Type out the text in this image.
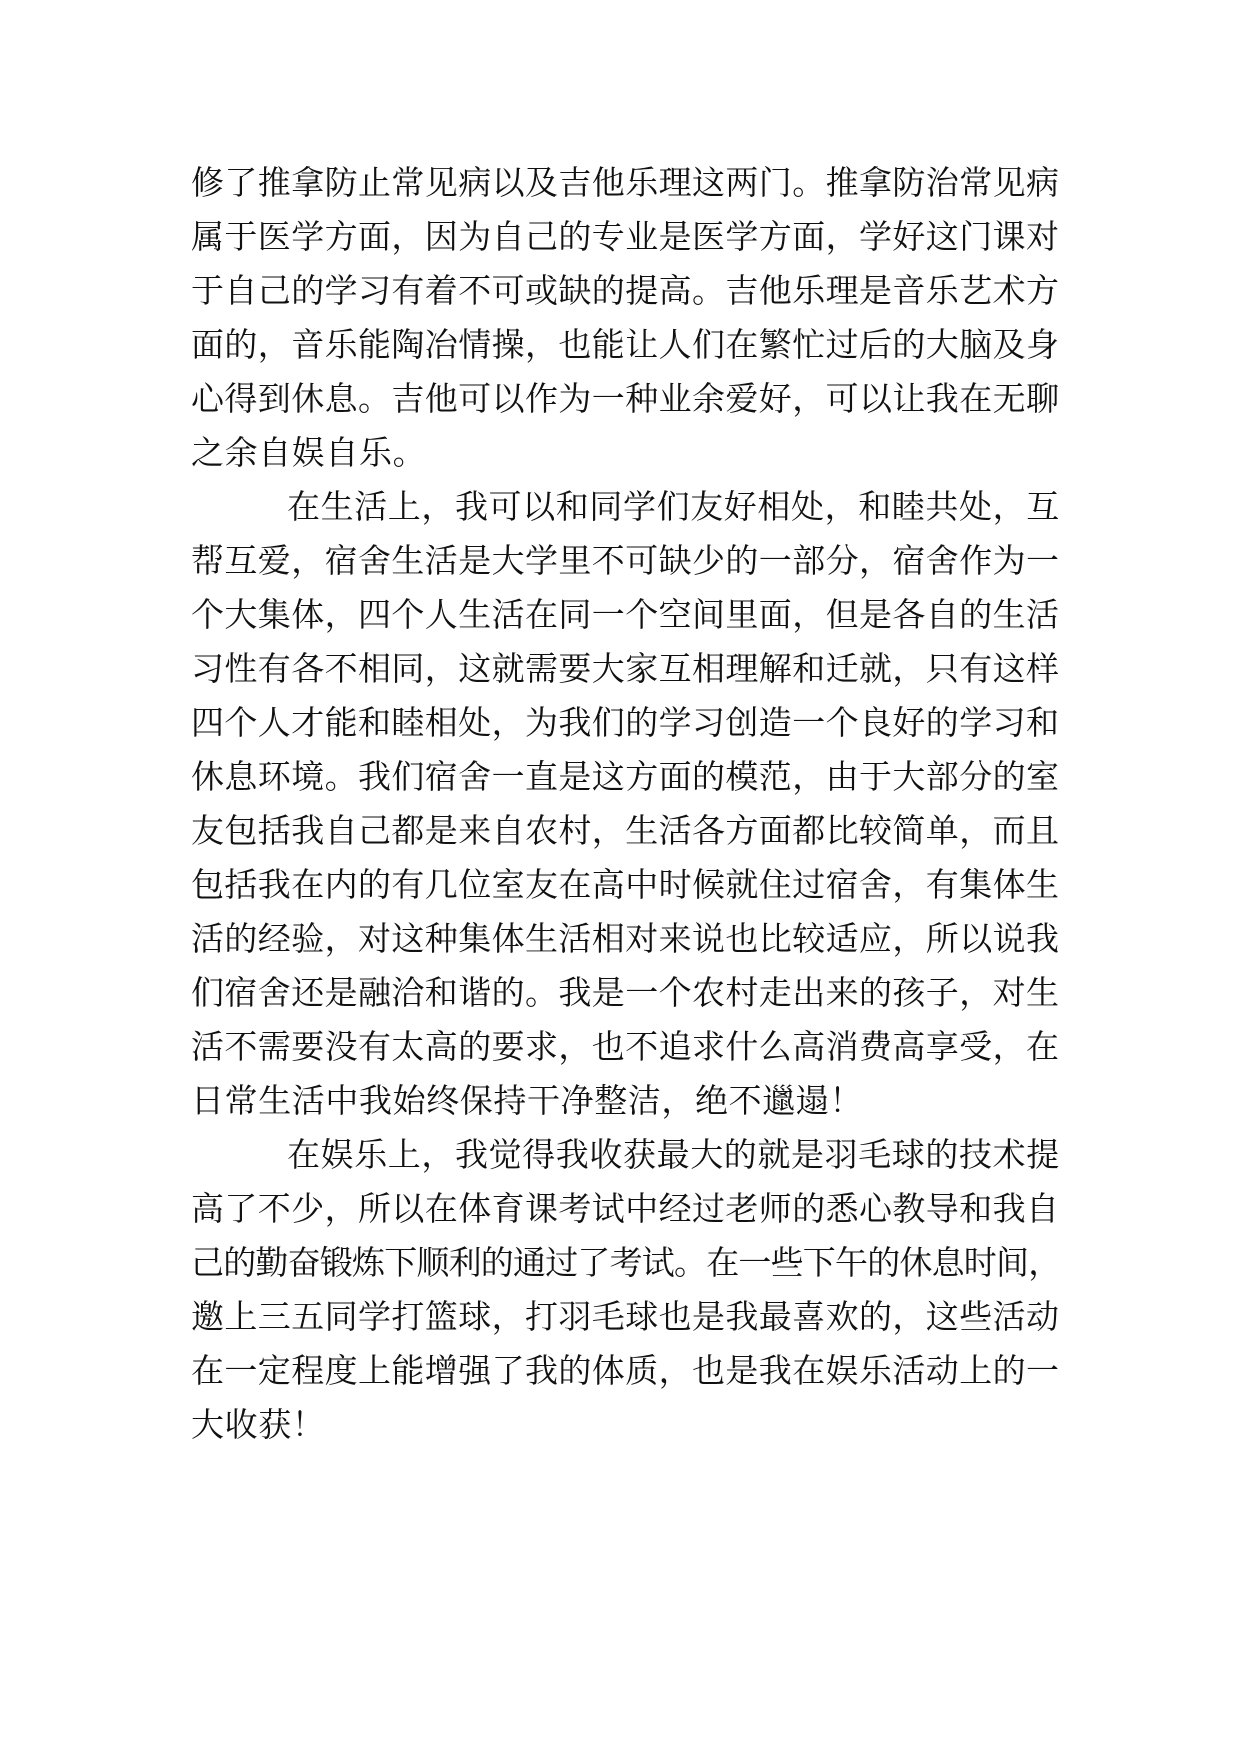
修了推拿防止常见病以及吉他乐理这两门。推拿防治常见病
属于医学方面，因为自己的专业是医学方面，学好这门课对
于自己的学习有着不可或缺的提高。吉他乐理是音乐艺术方
面的，音乐能陶冶情操，也能让人们在繁忙过后的大脑及身
心得到休息。吉他可以作为一种业余爱好，可以让我在无聊
之余自娱自乐。
在生活上，我可以和同学们友好相处，和睦共处，互
帮互爱，宿舍生活是大学里不可缺少的一部分，宿舍作为一
个大集体，四个人生活在同一个空间里面，但是各自的生活
习性有各不相同，这就需要大家互相理解和迁就，只有这样
四个人才能和睦相处，为我们的学习创造一个良好的学习和
休息环境。我们宿舍一直是这方面的模范，由于大部分的室
友包括我自己都是来自农村，生活各方面都比较简单，而且
包括我在内的有几位室友在高中时候就住过宿舍，有集体生
活的经验，对这种集体生活相对来说也比较适应，所以说我
们宿舍还是融洽和谐的。我是一个农村走出来的孩子，对生
活不需要没有太高的要求，也不追求什么高消费高享受，在
日常生活中我始终保持干净整洁，绝不邋遢！
在娱乐上，我觉得我收获最大的就是羽毛球的技术提
高了不少，所以在体育课考试中经过老师的悉心教导和我自
己的勤奋锻炼下顺利的通过了考试。在一些下午的休息时间，
邀上三五同学打篮球，打羽毛球也是我最喜欢的，这些活动
在一定程度上能增强了我的体质，也是我在娱乐活动上的一
大收获！
